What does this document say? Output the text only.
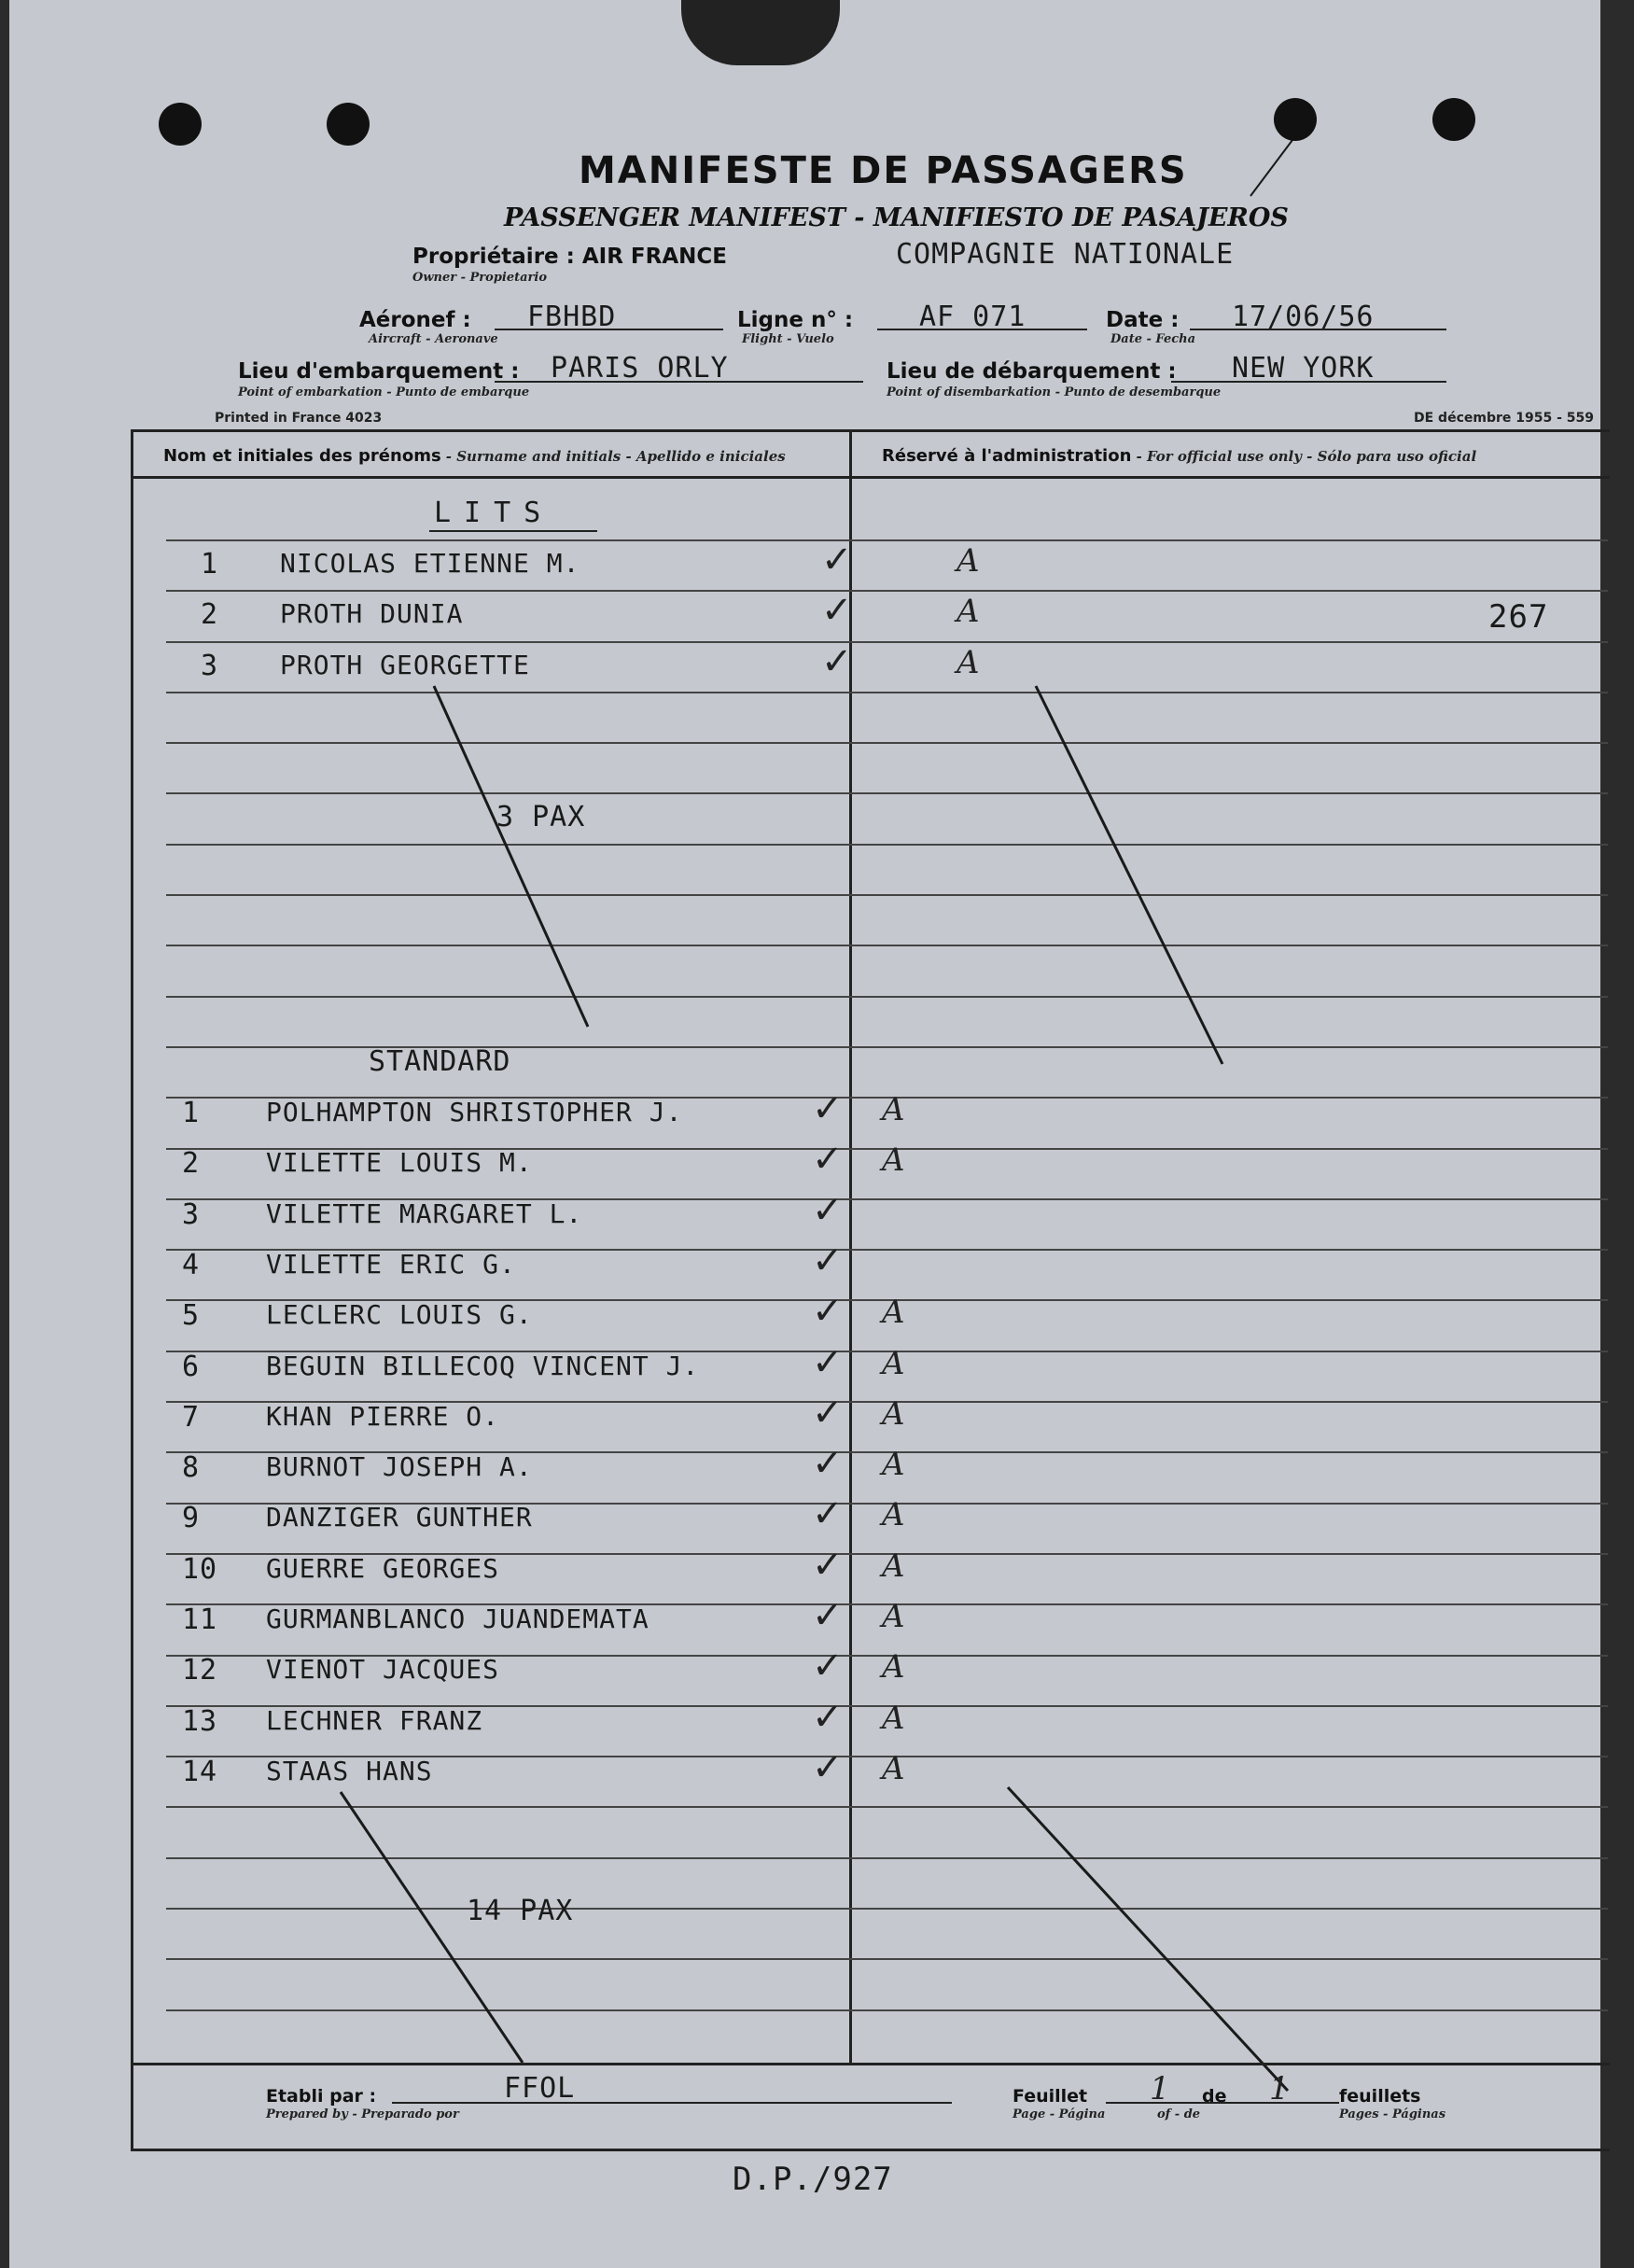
MANIFESTE DE PASSAGERS
PASSENGER MANIFEST - MANIFIESTO DE PASAJEROS
Propriétaire : AIR FRANCE
Owner - Propietario
COMPAGNIE NATIONALE
Aéronef :
Aircraft - Aeronave
FBHBD	Ligne n° :
Flight - Vuelo
AF 071	Date :
Date - Fecha
17/06/56
Lieu d'embarquement :
Point of embarkation - Punto de embarque
PARIS ORLY	Lieu de débarquement :
Point of disembarkation - Punto de desembarque
NEW YORK
Printed in France 4023	DE décembre 1955 - 559
Nom et initiales des prénoms - Surname and initials - Apellido e iniciales	Réservé à l'administration - For official use only - Sólo para uso oficial
LITS
1 NICOLAS ETIENNE M.	✓	A
2 PROTH DUNIA	✓	A	267
3 PROTH GEORGETTE	✓	A
3 PAX
STANDARD
1	POLHAMPTON SHRISTOPHER J.	✓ A
2	VILETTE LOUIS M.	✓ A
3	VILETTE MARGARET L.	✓
4	VILETTE ERIC G.	✓
5	LECLERC LOUIS G.	✓ A
6	BEGUIN BILLECOQ VINCENT J.	✓ A
7	KHAN PIERRE O.	✓ A
8	BURNOT JOSEPH A.	✓ A
9	DANZIGER GUNTHER	✓ A
10 GUERRE GEORGES	✓ A
11 GURMANBLANCO JUANDEMATA	✓ A
12 VIENOT JACQUES	✓ A
13 LECHNER FRANZ	✓ A
14 STAAS HANS	✓ A
14 PAX
Etabli par :
Prepared by - Preparado por
FFOL	Feuillet
Page - Página
1 de
of - de
1	feuillets
Pages - Páginas
D.P./927
